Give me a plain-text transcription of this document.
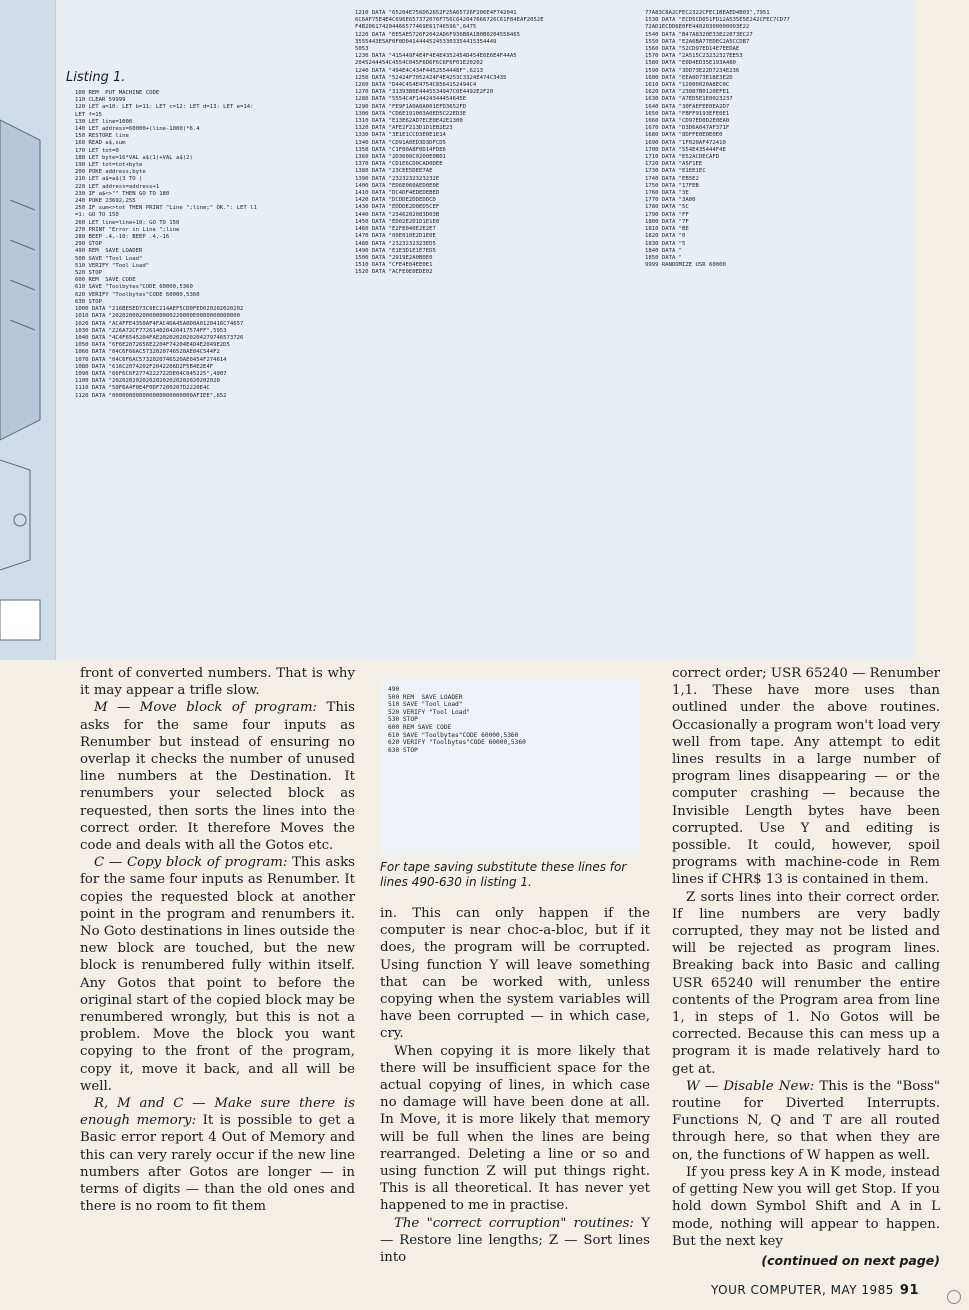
Listing 1.
100 REM  PUT MACHINE CODE
110 CLEAR 59999
120 LET a=10: LET b=11: LET c=12: LET d=13: LET e=14:
LET f=15
130 LET line=1000
140 LET address=60000+(line-1000)*6.4
150 RESTORE line
160 READ a$,sum
170 LET tot=0
180 LET byte=16*VAL a$(1)+VAL a$(2)
190 LET tot=tot+byte
200 POKE address,byte
210 LET a$=a$(3 TO )
220 LET address=address+1
230 IF a$<>"" THEN GO TO 180
240 POKE 23692,255
250 IF sum<>tot THEN PRINT "Line ";line;" OK.": LET l1
=1: GO TO 150
260 LET line=line+10: GO TO 150
270 PRINT "Error in Line ";line
280 BEEP .4,-10: BEEP .4,-16
290 STOP
490 REM  SAVE LOADER
500 SAVE "Tool Load"
510 VERIFY "Tool Load"
520 STOP
600 REM  SAVE CODE
610 SAVE "Toolbytes"CODE 60000,5360
620 VERIFY "Toolbytes"CODE 60000,5360
630 STOP
1000 DATA "216BE5ED73C9EC214AEF5CD0FED020202020202
1010 DATA "202020002000000000220000E0000000000000
1020 DATA "AC4FFE4350AF4FAC4DA45A0D0A0120416C74657
1030 DATA "226A72CF772614020420417574FF",5953
1040 DATA "4C4F6545204FAE2020202020204279746573726
1050 DATA "6F6E2072656E2204F74204E4D4E2049E2D5
1060 DATA "04C6F66AC5732020746520AE04C544F2
1070 DATA "04C6F6AC5732020746520AE0454F274614
1080 DATA "616C2074202F2042206D2F5B4E2E4F
1090 DATA "66F6C6F2774222722DE04C045225",4907
1100 DATA "20202020202020202020202020202020
1110 DATA "50F6A4F0E4F0DF7200207D2220E4C
1120 DATA "000000000000000000000000AFIEE",652
1210 DATA "65204E756D62652F25A65726F206E4F742041
6C6AF75E4E4C696E657372076F756C642047666726C61F84EAF2052E
F4B206174204466577469E61746596",6475
1220 DATA "EE5AE5726F2042AD6F936B8A1B0B0204558465
3555443E5AF0F0D041444452453303354415354449
5053
1230 DATA "415449F4E4F4E4E4352454D454E6E6E4F44A5
2045244454C4554C045F6D6F6C6F6F01E20202
1240 DATA "494E4C434F4452554448F",6213
1250 DATA "52424F7052424F4E4253C3324E474C3435
1260 DATA "D44C454E4754C8564152494C4
1270 DATA "31393B0E4445534947C0E4492E2F20
1280 DATA "5554C4F14424344454645E
1290 DATA "FE9F1A0A0A001EFD3652FD
1300 DATA "CD6E191003A0ED5C22ED3E
1310 DATA "E13E62AD7ECE0E42E1300
1320 DATA "AFE2F213D1D1EB2E23
1330 DATA "3E1E1CCD3E0E1E14
1340 DATA "CD91A0ED3D3DFCD5
1350 DATA "C1F00A8F0D14FDE6
1360 DATA "2D3600C0200E0B01
1370 DATA "CD1E6CD0CAD0DEE
1380 DATA "23CEE5DEE7AE
1390 DATA "2323232323232E
1400 DATA "ED6E060AED0E0E
1410 DATA "DC4DF4EDEDEBED
1420 DATA "DCDDE2DDEDDCD
1430 DATA "EDDDE2D0ED5CEF
1440 DATA "2346202083D03B
1450 DATA "ED02E2D1D1E1E0
1460 DATA "E2FE040E2E2E7
1470 DATA "00E010E2D1E0E
1480 DATA "2323232323ED5
1490 DATA "E1E3D1E1E7ED5
1500 DATA "2919E2A0B0E0
1510 DATA "CFE4E04EE0E1
1520 DATA "ACFE0E0EDE02
77A83C8A2CFEC2322CFEC1BEAED4B03",7951
1530 DATA "ECD5CD051FD12A535E5E242CFEC7CD77
72AD1ECDD6E0FE44020300000003E22
1540 DATA "B47A8320E33E22073EC27
1550 DATA "E2A6BA77EDEC2A5CCDB7
1560 DATA "52CD97ED14E7EEDAE
1570 DATA "2A515C23232327EE53
1580 DATA "E0D4ED35E193A480
1590 DATA "3DD73E22D7234E236
1600 DATA "EEA0D73E18E3E2D
1610 DATA "12000020A8EC0C
1620 DATA "23087B0120EFE1
1630 DATA "A7ED5E1E0023237
1640 DATA "30FAEFEE0EA2D7
1650 DATA "FBFF9193EFE0E1
1660 DATA "CD97ED0D2E0EA0
1670 DATA "D3D6A047AF371F
1680 DATA "8DFFE0E0E0E0
1690 DATA "1F020AF472410
1700 DATA "554E435444F4E
1710 DATA "E52ACDECAFD
1720 DATA "A5F1EE
1730 DATA "E1EE1EC
1740 DATA "EB5E2
1750 DATA "17FEB
1760 DATA "3E
1770 DATA "3A00
1780 DATA "5C
1790 DATA "FF
1800 DATA "7F
1810 DATA "BE
1820 DATA "0
1830 DATA "5
1840 DATA "
1850 DATA "
9999 RANDOMIZE USR 60000

front of converted numbers. That is why it may appear a trifle slow.

M — Move block of program: This asks for the same four inputs as Renumber but instead of ensuring no overlap it checks the number of unused line numbers at the Destination. It renumbers your selected block as requested, then sorts the lines into the correct order. It therefore Moves the code and deals with all the Gotos etc.

C — Copy block of program: This asks for the same four inputs as Renumber. It copies the requested block at another point in the program and renumbers it. No Goto destinations in lines outside the new block are touched, but the new block is renumbered fully within itself. Any Gotos that point to before the original start of the copied block may be renumbered wrongly, but this is not a problem. Move the block you want copying to the front of the program, copy it, move it back, and all will be well.

R, M and C — Make sure there is enough memory: It is possible to get a Basic error report 4 Out of Memory and this can very rarely occur if the new line numbers after Gotos are longer — in terms of digits — than the old ones and there is no room to fit them

490
500 REM  SAVE LOADER
510 SAVE "Tool Load"
520 VERIFY "Tool Load"
530 STOP
600 REM SAVE CODE
610 SAVE "Toolbytes"CODE 60000,5360
620 VERIFY "Toolbytes"CODE 60000,5360
630 STOP
For tape saving substitute these lines for lines 490-630 in listing 1.

in. This can only happen if the computer is near choc-a-bloc, but if it does, the program will be corrupted. Using function Y will leave something that can be worked with, unless copying when the system variables will have been corrupted — in which case, cry.

When copying it is more likely that there will be insufficient space for the actual copying of lines, in which case no damage will have been done at all. In Move, it is more likely that memory will be full when the lines are being rearranged. Deleting a line or so and using function Z will put things right. This is all theoretical. It has never yet happened to me in practise.

The "correct corruption" routines: Y — Restore line lengths; Z — Sort lines into

correct order; USR 65240 — Renumber 1,1. These have more uses than outlined under the above routines. Occasionally a program won't load very well from tape. Any attempt to edit lines results in a large number of program lines disappearing — or the computer crashing — because the Invisible Length bytes have been corrupted. Use Y and editing is possible. It could, however, spoil programs with machine-code in Rem lines if CHR$ 13 is contained in them.

Z sorts lines into their correct order. If line numbers are very badly corrupted, they may not be listed and will be rejected as program lines. Breaking back into Basic and calling USR 65240 will renumber the entire contents of the Program area from line 1, in steps of 1. No Gotos will be corrected. Because this can mess up a program it is made relatively hard to get at.

W — Disable New: This is the "Boss" routine for Diverted Interrupts. Functions N, Q and T are all routed through here, so that when they are on, the functions of W happen as well.

If you press key A in K mode, instead of getting New you will get Stop. If you hold down Symbol Shift and A in L mode, nothing will appear to happen. But the next key

(continued on next page)
YOUR COMPUTER, MAY 1985 91
